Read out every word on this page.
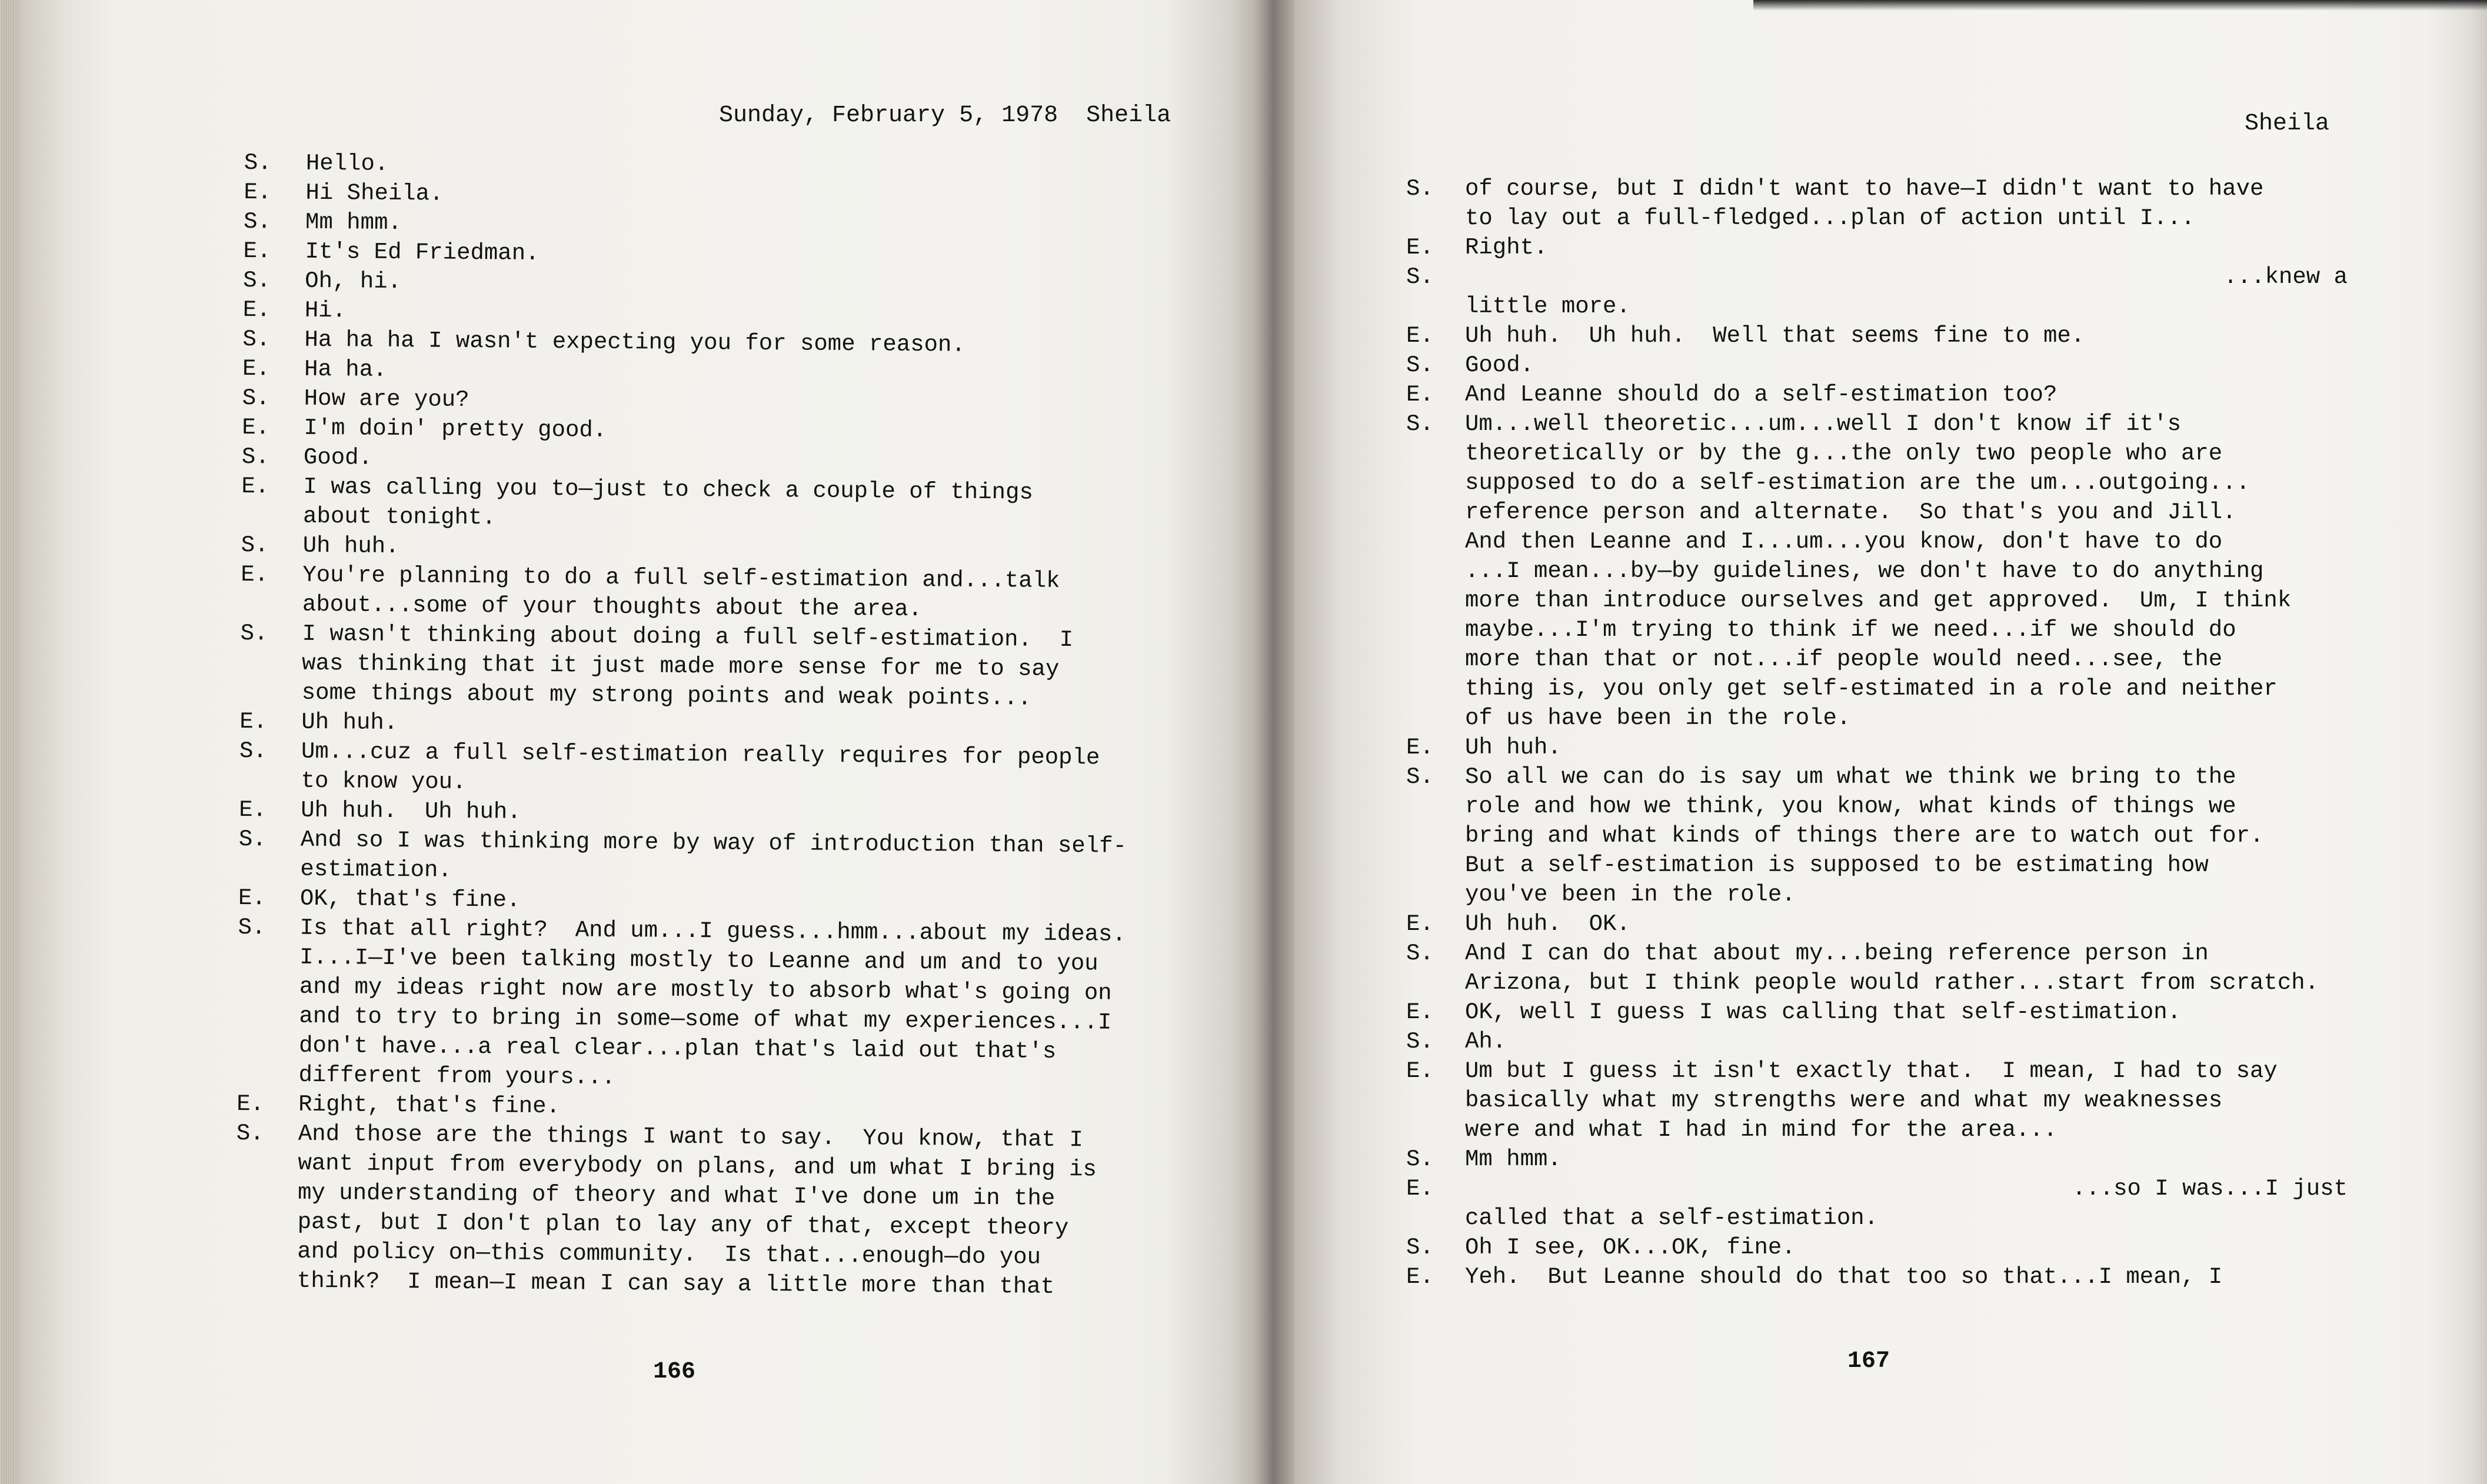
Sunday, February 5, 1978  Sheila
S. Hello.
E. Hi Sheila.
S. Mm hmm.
E. It's Ed Friedman.
S. Oh, hi.
E. Hi.
S. Ha ha ha I wasn't expecting you for some reason.
E. Ha ha.
S. How are you?
E. I'm doin' pretty good.
S. Good.
E. I was calling you to—just to check a couple of things
about tonight.
S. Uh huh.
E. You're planning to do a full self-estimation and...talk
about...some of your thoughts about the area.
S. I wasn't thinking about doing a full self-estimation.  I
was thinking that it just made more sense for me to say
some things about my strong points and weak points...
E. Uh huh.
S. Um...cuz a full self-estimation really requires for people
to know you.
E. Uh huh.  Uh huh.
S. And so I was thinking more by way of introduction than self-
estimation.
E. OK, that's fine.
S. Is that all right?  And um...I guess...hmm...about my ideas.
I...I—I've been talking mostly to Leanne and um and to you
and my ideas right now are mostly to absorb what's going on
and to try to bring in some—some of what my experiences...I
don't have...a real clear...plan that's laid out that's
different from yours...
E. Right, that's fine.
S. And those are the things I want to say.  You know, that I
want input from everybody on plans, and um what I bring is
my understanding of theory and what I've done um in the
past, but I don't plan to lay any of that, except theory
and policy on—this community.  Is that...enough—do you
think?  I mean—I mean I can say a little more than that
166
Sheila
167
S. of course, but I didn't want to have—I didn't want to have
to lay out a full-fledged...plan of action until I...
E. Right.
S.	...knew a
little more.
E. Uh huh.  Uh huh.  Well that seems fine to me.
S. Good.
E. And Leanne should do a self-estimation too?
S. Um...well theoretic...um...well I don't know if it's
theoretically or by the g...the only two people who are
supposed to do a self-estimation are the um...outgoing...
reference person and alternate.  So that's you and Jill.
And then Leanne and I...um...you know, don't have to do
...I mean...by—by guidelines, we don't have to do anything
more than introduce ourselves and get approved.  Um, I think
maybe...I'm trying to think if we need...if we should do
more than that or not...if people would need...see, the
thing is, you only get self-estimated in a role and neither
of us have been in the role.
E. Uh huh.
S. So all we can do is say um what we think we bring to the
role and how we think, you know, what kinds of things we
bring and what kinds of things there are to watch out for.
But a self-estimation is supposed to be estimating how
you've been in the role.
E. Uh huh.  OK.
S. And I can do that about my...being reference person in
Arizona, but I think people would rather...start from scratch.
E. OK, well I guess I was calling that self-estimation.
S. Ah.
E. Um but I guess it isn't exactly that.  I mean, I had to say
basically what my strengths were and what my weaknesses
were and what I had in mind for the area...
S. Mm hmm.
E.	...so I was...I just
called that a self-estimation.
S. Oh I see, OK...OK, fine.
E. Yeh.  But Leanne should do that too so that...I mean, I
